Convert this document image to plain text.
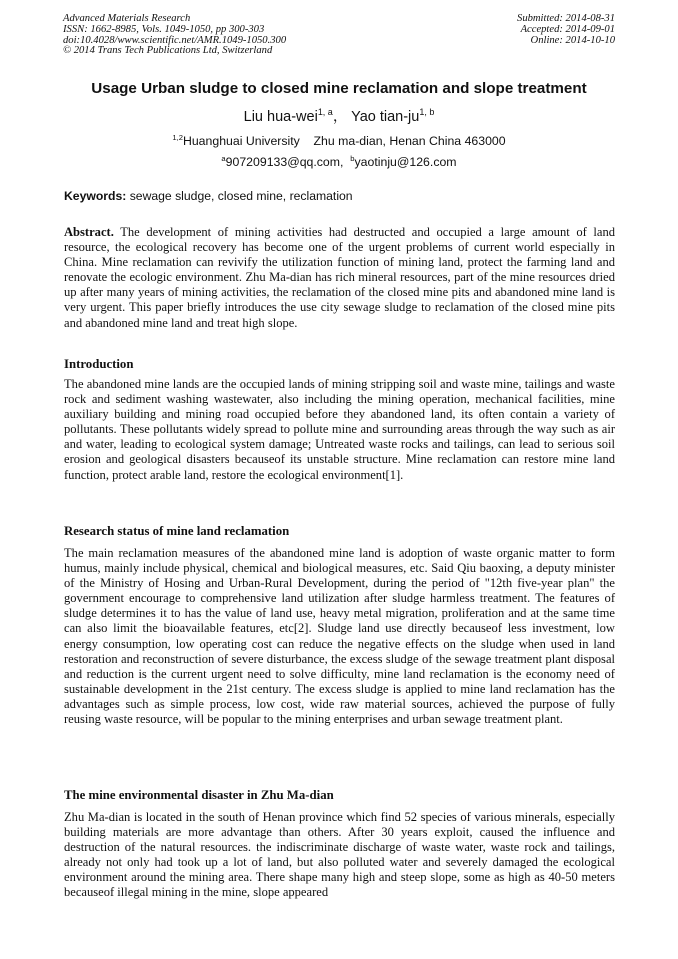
Advanced Materials Research
ISSN: 1662-8985, Vols. 1049-1050, pp 300-303
doi:10.4028/www.scientific.net/AMR.1049-1050.300
© 2014 Trans Tech Publications Ltd, Switzerland
Submitted: 2014-08-31
Accepted: 2014-09-01
Online: 2014-10-10
Usage Urban sludge to closed mine reclamation and slope treatment
Liu hua-wei$^{1, a}$， Yao tian-ju$^{1, b}$
$^{1,2}$Huanghuai University    Zhu ma-dian, Henan China 463000
$^a$907209133@qq.com, $^b$yaotinju@126.com
Keywords: sewage sludge, closed mine, reclamation

Abstract. The development of mining activities had destructed and occupied a large amount of land resource, the ecological recovery has become one of the urgent problems of current world especially in China. Mine reclamation can revivify the utilization function of mining land, protect the farming land and renovate the ecologic environment. Zhu Ma-dian has rich mineral resources, part of the mine resources dried up after many years of mining activities, the reclamation of the closed mine pits and abandoned mine land is very urgent. This paper briefly introduces the use city sewage sludge to reclamation of the closed mine pits and abandoned mine land and treat high slope.

Introduction

The abandoned mine lands are the occupied lands of mining stripping soil and waste mine, tailings and waste rock and sediment washing wastewater, also including the mining operation, mechanical facilities, mine auxiliary building and mining road occupied before they abandoned land, its often contain a variety of pollutants. These pollutants widely spread to pollute mine and surrounding areas through the way such as air and water, leading to ecological system damage; Untreated waste rocks and tailings, can lead to serious soil erosion and geological disasters becauseof its unstable structure. Mine reclamation can restore mine land function, protect arable land, restore the ecological environment[1].

Research status of mine land reclamation

The main reclamation measures of the abandoned mine land is adoption of waste organic matter to form humus, mainly include physical, chemical and biological measures, etc. Said Qiu baoxing, a deputy minister of the Ministry of Hosing and Urban-Rural Development, during the period of "12th five-year plan" the government encourage to comprehensive land utilization after sludge harmless treatment. The features of sludge determines it to has the value of land use, heavy metal migration, proliferation and at the same time can also limit the bioavailable features, etc[2]. Sludge land use directly becauseof less investment, low energy consumption, low operating cost can reduce the negative effects on the sludge when used in land restoration and reconstruction of severe disturbance, the excess sludge of the sewage treatment plant disposal and reduction is the current urgent need to solve difficulty, mine land reclamation is the economy need of sustainable development in the 21st century. The excess sludge is applied to mine land reclamation has the advantages such as simple process, low cost, wide raw material sources, achieved the purpose of fully reusing waste resource, will be popular to the mining enterprises and urban sewage treatment plant.

The mine environmental disaster in Zhu Ma-dian

Zhu Ma-dian is located in the south of Henan province which find 52 species of various minerals, especially building materials are more advantage than others. After 30 years exploit, caused the influence and destruction of the natural resources. the indiscriminate discharge of waste water, waste rock and tailings, already not only had took up a lot of land, but also polluted water and severely damaged the ecological environment around the mining area. There shape many high and steep slope, some as high as 40-50 meters becauseof illegal mining in the mine, slope appeared
